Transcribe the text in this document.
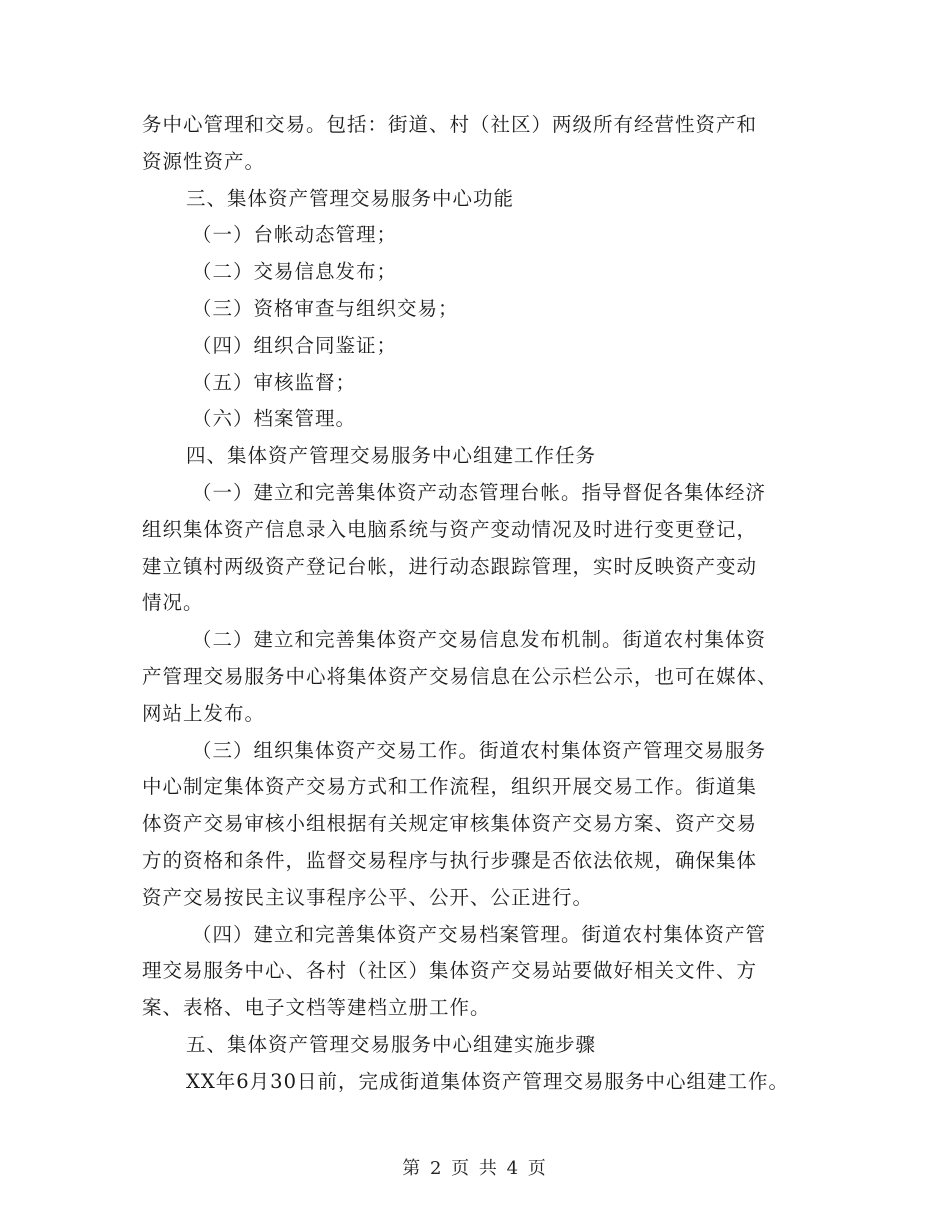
务中心管理和交易。包括：街道、村（社区）两级所有经营性资产和
资源性资产。
三、集体资产管理交易服务中心功能
（一）台帐动态管理；
（二）交易信息发布；
（三）资格审查与组织交易；
（四）组织合同鉴证；
（五）审核监督；
（六）档案管理。
四、集体资产管理交易服务中心组建工作任务
（一）建立和完善集体资产动态管理台帐。指导督促各集体经济
组织集体资产信息录入电脑系统与资产变动情况及时进行变更登记，
建立镇村两级资产登记台帐，进行动态跟踪管理，实时反映资产变动
情况。
（二）建立和完善集体资产交易信息发布机制。街道农村集体资
产管理交易服务中心将集体资产交易信息在公示栏公示，也可在媒体、
网站上发布。
（三）组织集体资产交易工作。街道农村集体资产管理交易服务
中心制定集体资产交易方式和工作流程，组织开展交易工作。街道集
体资产交易审核小组根据有关规定审核集体资产交易方案、资产交易
方的资格和条件，监督交易程序与执行步骤是否依法依规，确保集体
资产交易按民主议事程序公平、公开、公正进行。
（四）建立和完善集体资产交易档案管理。街道农村集体资产管
理交易服务中心、各村（社区）集体资产交易站要做好相关文件、方
案、表格、电子文档等建档立册工作。
五、集体资产管理交易服务中心组建实施步骤
XX年6月30日前，完成街道集体资产管理交易服务中心组建工作。
第 2 页 共 4 页
